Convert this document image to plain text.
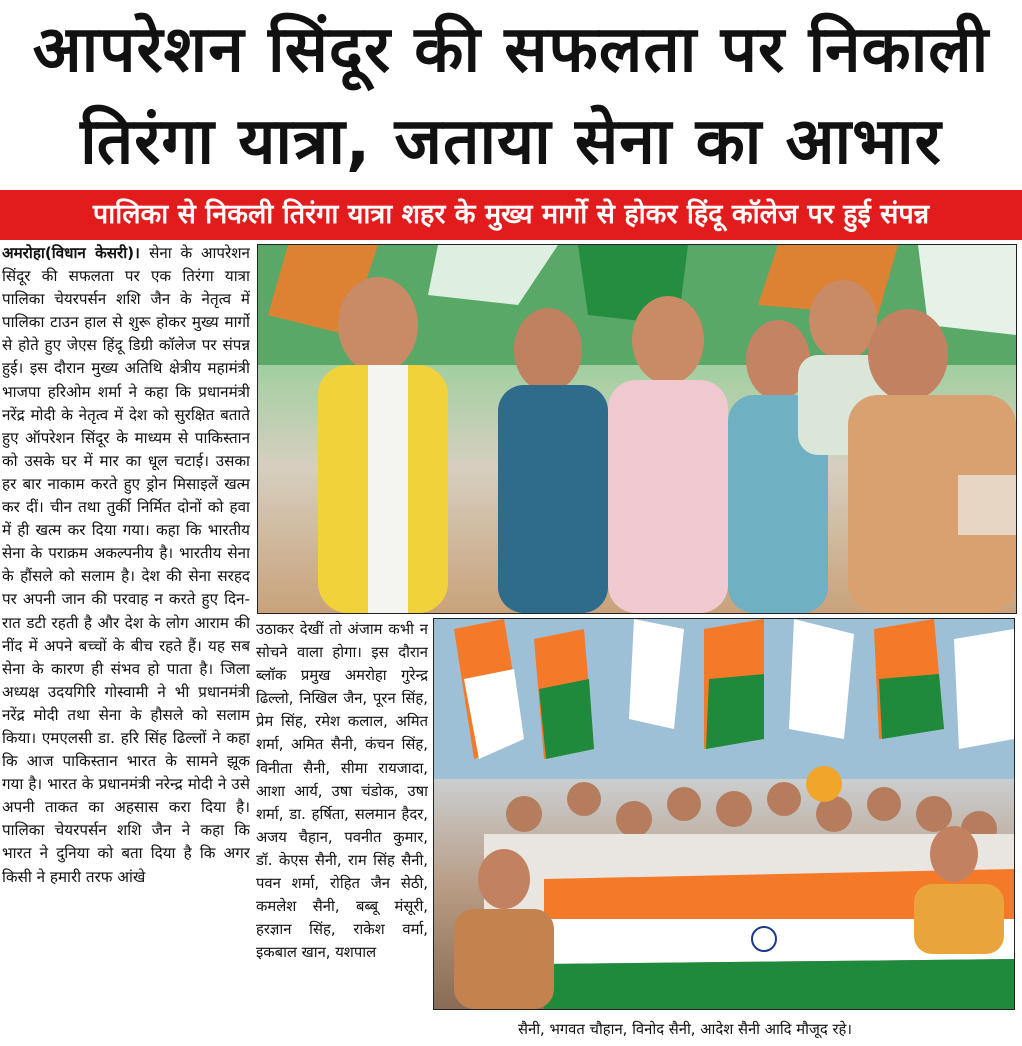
आपरेशन सिंदूर की सफलता पर निकाली
तिरंगा यात्रा, जताया सेना का आभार
पालिका से निकली तिरंगा यात्रा शहर के मुख्य मार्गो से होकर हिंदू कॉलेज पर हुई संपन्न
अमरोहा(विधान केसरी)। सेना के आपरेशन सिंदूर की सफलता पर एक तिरंगा यात्रा पालिका चेयरपर्सन शशि जैन के नेतृत्व में पालिका टाउन हाल से शुरू होकर मुख्य मार्गो से होते हुए जेएस हिंदू डिग्री कॉलेज पर संपन्न हुई। इस दौरान मुख्य अतिथि क्षेत्रीय महामंत्री भाजपा हरिओम शर्मा ने कहा कि प्रधानमंत्री नरेंद्र मोदी के नेतृत्व में देश को सुरक्षित बताते हुए ऑपरेशन सिंदूर के माध्यम से पाकिस्तान को उसके घर में मार का धूल चटाई। उसका हर बार नाकाम करते हुए ड्रोन मिसाइलें खत्म कर दीं। चीन तथा तुर्की निर्मित दोनों को हवा में ही खत्म कर दिया गया। कहा कि भारतीय सेना के पराक्रम अकल्पनीय है। भारतीय सेना के हौंसले को सलाम है। देश की सेना सरहद पर अपनी जान की परवाह न करते हुए दिन-रात डटी रहती है और देश के लोग आराम की नींद में अपने बच्चों के बीच रहते हैं। यह सब सेना के कारण ही संभव हो पाता है। जिला अध्यक्ष उदयगिरि गोस्वामी ने भी प्रधानमंत्री नरेंद्र मोदी तथा सेना के हौसले को सलाम किया। एमएलसी डा. हरि सिंह ढिल्लों ने कहा कि आज पाकिस्तान भारत के सामने झूक गया है। भारत के प्रधानमंत्री नरेन्द्र मोदी ने उसे अपनी ताकत का अहसास करा दिया है। पालिका चेयरपर्सन शशि जैन ने कहा कि भारत ने दुनिया को बता दिया है कि अगर किसी ने हमारी तरफ आंखे
उठाकर देखीं तो अंजाम कभी न सोचने वाला होगा। इस दौरान ब्लॉक प्रमुख अमरोहा गुरेन्द्र ढिल्लो, निखिल जैन, पूरन सिंह, प्रेम सिंह, रमेश कलाल, अमित शर्मा, अमित सैनी, कंचन सिंह, विनीता सैनी, सीमा रायजादा, आशा आर्य, उषा चंडोक, उषा शर्मा, डा. हर्षिता, सलमान हैदर, अजय चैहान, पवनीत कुमार, डॉ. केएस सैनी, राम सिंह सैनी, पवन शर्मा, रोहित जैन सेठी, कमलेश सैनी, बब्बू मंसूरी, हरज्ञान सिंह, राकेश वर्मा, इकबाल खान, यशपाल
सैनी, भगवत चौहान, विनोद सैनी, आदेश सैनी आदि मौजूद रहे।
